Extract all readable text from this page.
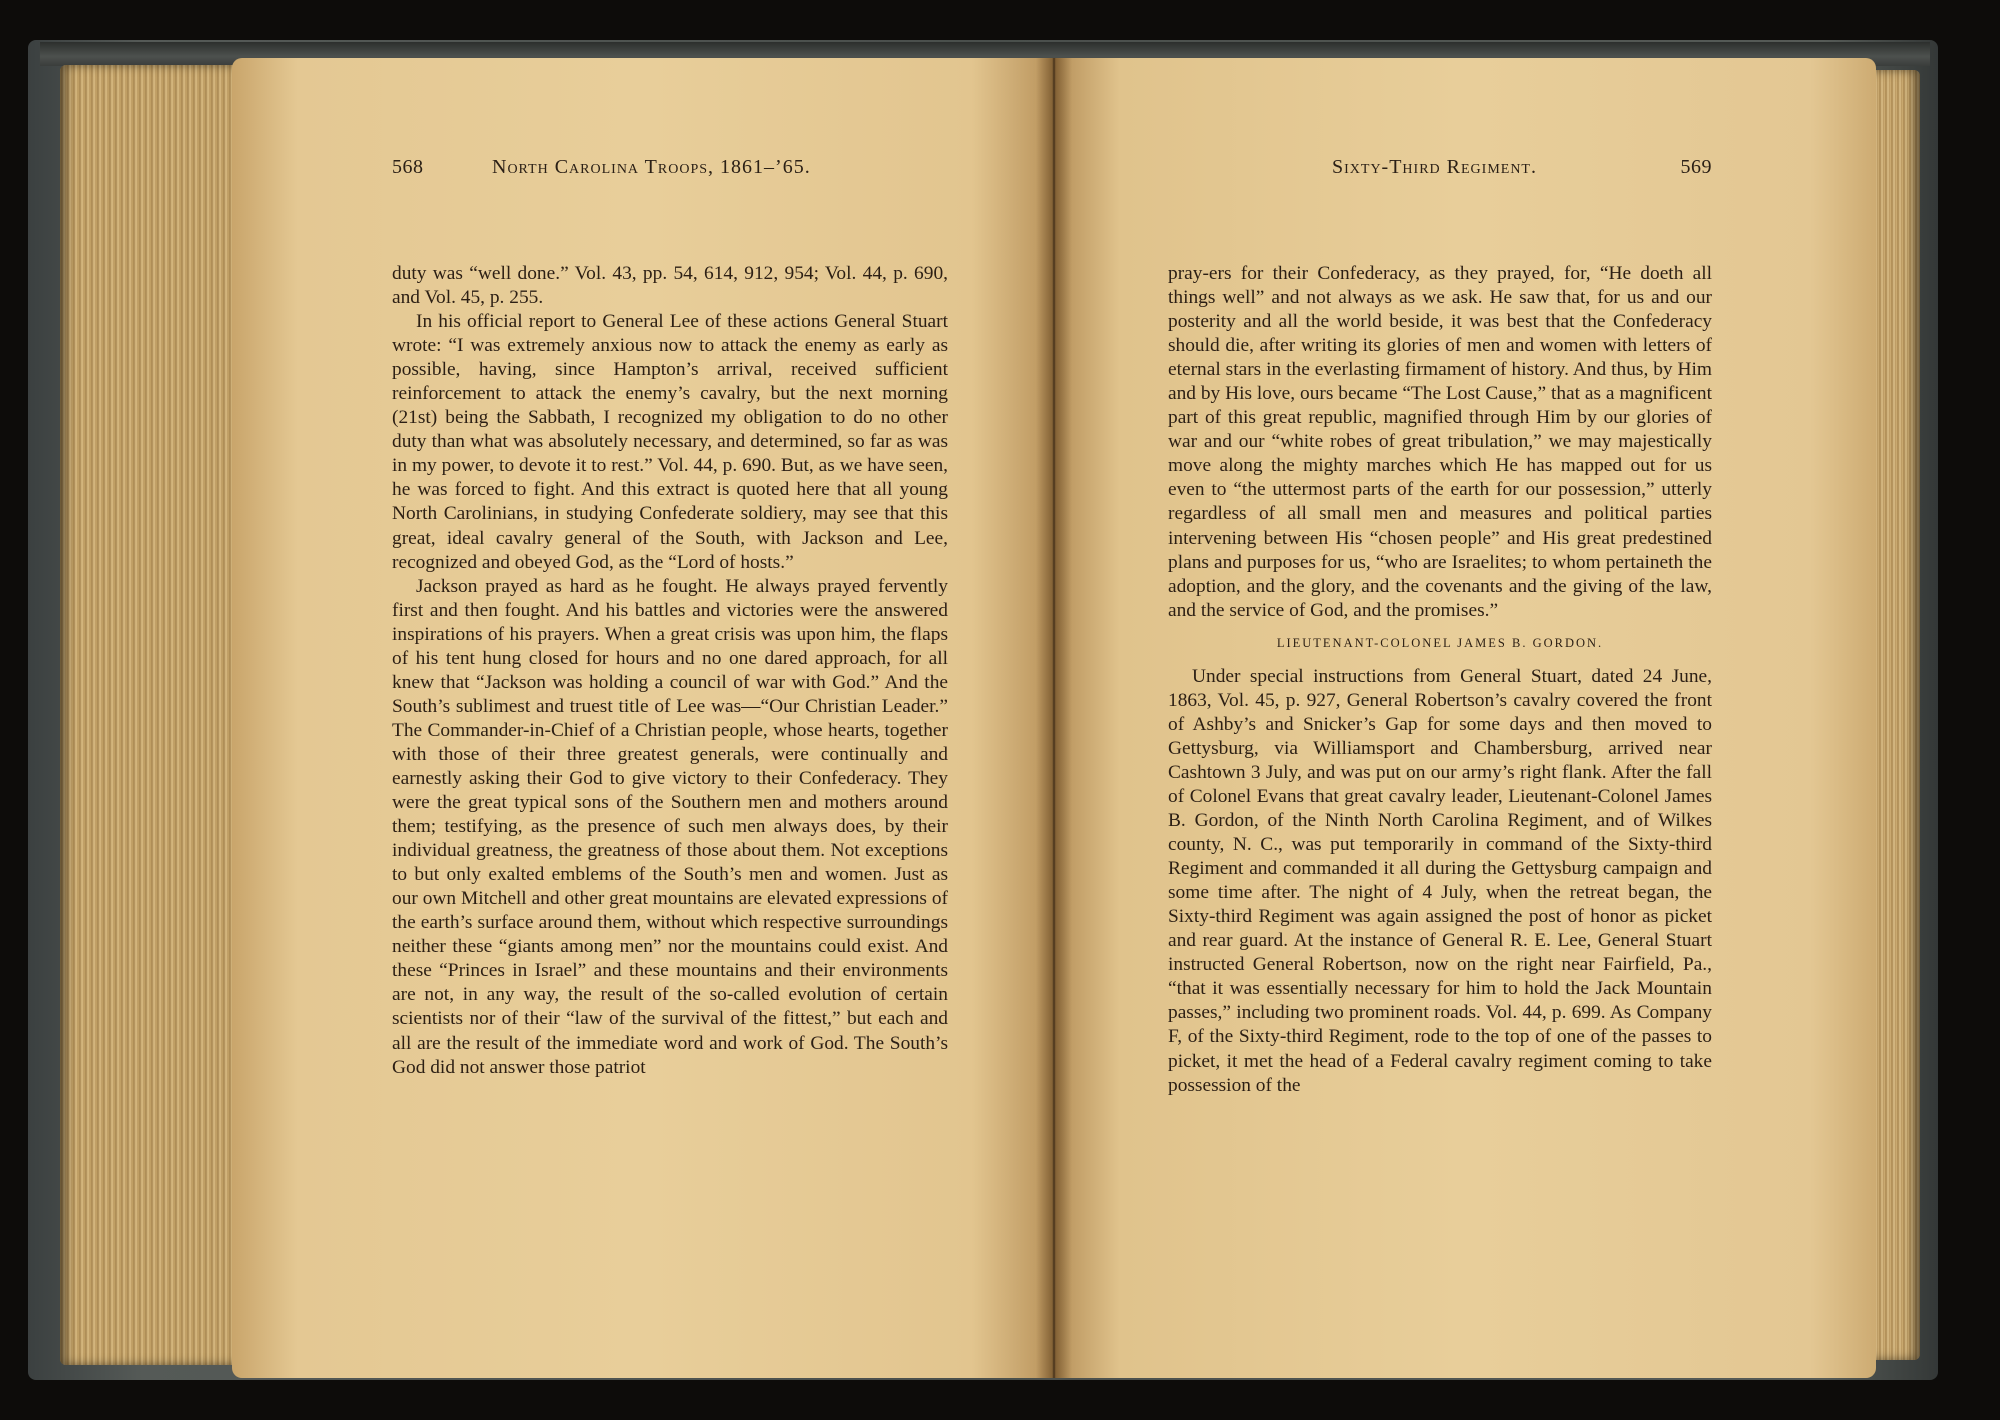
568	North Carolina Troops, 1861–’65.	Sixty-Third Regiment.	569

duty was “well done.” Vol. 43, pp. 54, 614, 912, 954; Vol. 44, p. 690, and Vol. 45, p. 255.

In his official report to General Lee of these actions General Stuart wrote: “I was extremely anxious now to attack the enemy as early as possible, having, since Hampton’s arrival, received sufficient reinforcement to attack the enemy’s cavalry, but the next morning (21st) being the Sabbath, I recognized my obligation to do no other duty than what was absolutely necessary, and determined, so far as was in my power, to devote it to rest.” Vol. 44, p. 690. But, as we have seen, he was forced to fight. And this extract is quoted here that all young North Carolinians, in studying Confederate soldiery, may see that this great, ideal cavalry general of the South, with Jackson and Lee, recognized and obeyed God, as the “Lord of hosts.”

Jackson prayed as hard as he fought. He always prayed fervently first and then fought. And his battles and victories were the answered inspirations of his prayers. When a great crisis was upon him, the flaps of his tent hung closed for hours and no one dared approach, for all knew that “Jackson was holding a council of war with God.” And the South’s sublimest and truest title of Lee was—“Our Christian Leader.” The Commander-in-Chief of a Christian people, whose hearts, together with those of their three greatest generals, were continually and earnestly asking their God to give victory to their Confederacy. They were the great typical sons of the Southern men and mothers around them; testifying, as the presence of such men always does, by their individual greatness, the greatness of those about them. Not exceptions to but only exalted emblems of the South’s men and women. Just as our own Mitchell and other great mountains are elevated expressions of the earth’s surface around them, without which respective surroundings neither these “giants among men” nor the mountains could exist. And these “Princes in Israel” and these mountains and their environments are not, in any way, the result of the so-called evolution of certain scientists nor of their “law of the survival of the fittest,” but each and all are the result of the immediate word and work of God. The South’s God did not answer those patriot

pray-ers for their Confederacy, as they prayed, for, “He doeth all things well” and not always as we ask. He saw that, for us and our posterity and all the world beside, it was best that the Confederacy should die, after writing its glories of men and women with letters of eternal stars in the everlasting firmament of history. And thus, by Him and by His love, ours became “The Lost Cause,” that as a magnificent part of this great republic, magnified through Him by our glories of war and our “white robes of great tribulation,” we may majestically move along the mighty marches which He has mapped out for us even to “the uttermost parts of the earth for our possession,” utterly regardless of all small men and measures and political parties intervening between His “chosen people” and His great predestined plans and purposes for us, “who are Israelites; to whom pertaineth the adoption, and the glory, and the covenants and the giving of the law, and the service of God, and the promises.”

LIEUTENANT-COLONEL JAMES B. GORDON.

Under special instructions from General Stuart, dated 24 June, 1863, Vol. 45, p. 927, General Robertson’s cavalry covered the front of Ashby’s and Snicker’s Gap for some days and then moved to Gettysburg, via Williamsport and Chambersburg, arrived near Cashtown 3 July, and was put on our army’s right flank. After the fall of Colonel Evans that great cavalry leader, Lieutenant-Colonel James B. Gordon, of the Ninth North Carolina Regiment, and of Wilkes county, N. C., was put temporarily in command of the Sixty-third Regiment and commanded it all during the Gettysburg campaign and some time after. The night of 4 July, when the retreat began, the Sixty-third Regiment was again assigned the post of honor as picket and rear guard. At the instance of General R. E. Lee, General Stuart instructed General Robertson, now on the right near Fairfield, Pa., “that it was essentially necessary for him to hold the Jack Mountain passes,” including two prominent roads. Vol. 44, p. 699. As Company F, of the Sixty-third Regiment, rode to the top of one of the passes to picket, it met the head of a Federal cavalry regiment coming to take possession of the
